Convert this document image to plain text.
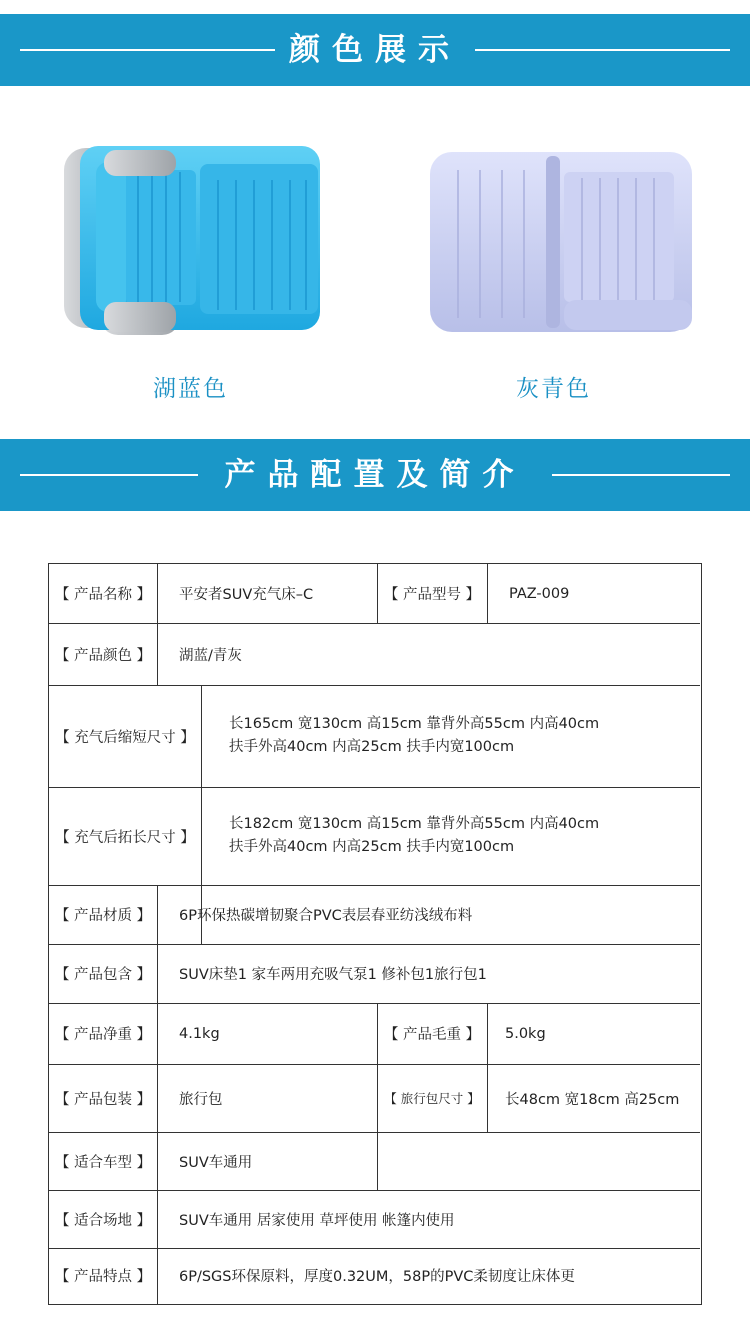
颜色展示
湖蓝色	灰青色
产品配置及简介
【 产品名称 】	平安者SUV充气床–C	【 产品型号 】	PAZ-009
【 产品颜色 】	湖蓝/青灰
【 充气后缩短尺寸 】
长165cm 宽130cm 高15cm 靠背外高55cm 内高40cm
扶手外高40cm 内高25cm 扶手内宽100cm
【 充气后拓长尺寸 】
长182cm 宽130cm 高15cm 靠背外高55cm 内高40cm
扶手外高40cm 内高25cm 扶手内宽100cm
【 产品材质 】	6P环保热碳增韧聚合PVC表层春亚纺浅绒布料
【 产品包含 】	SUV床垫1 家车两用充吸气泵1 修补包1旅行包1
【 产品净重 】	4.1kg	【 产品毛重 】	5.0kg
【 产品包装 】	旅行包	【 旅行包尺寸 】	长48cm 宽18cm 高25cm
【 适合车型 】	SUV车通用
【 适合场地 】	SUV车通用 居家使用 草坪使用 帐篷内使用
【 产品特点 】	6P/SGS环保原料，厚度0.32UM，58P的PVC柔韧度让床体更
